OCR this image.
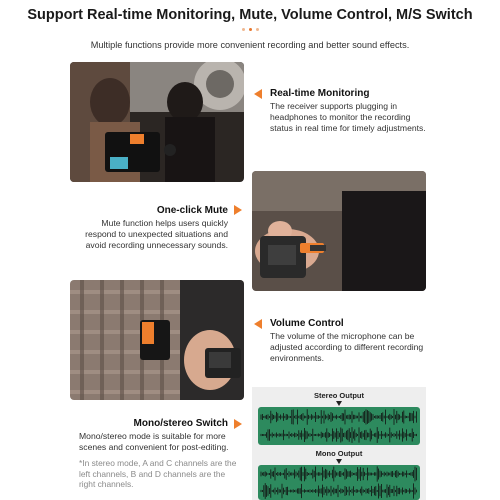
Support Real-time Monitoring, Mute, Volume Control, M/S Switch
Multiple functions provide more convenient recording and better sound effects.
Real-time Monitoring
The receiver supports plugging in headphones to monitor the recording status in real time for timely adjustments.
One-click Mute
Mute function helps users quickly respond to unexpected situations and avoid recording unnecessary sounds.
Volume Control
The volume of the microphone can be adjusted according to different recording environments.
Mono/stereo Switch
Mono/stereo mode is suitable for more scenes and convenient for post-editing.
*In stereo mode, A and C channels are the left channels, B and D channels are the right channels.
Stereo Output
Mono Output
